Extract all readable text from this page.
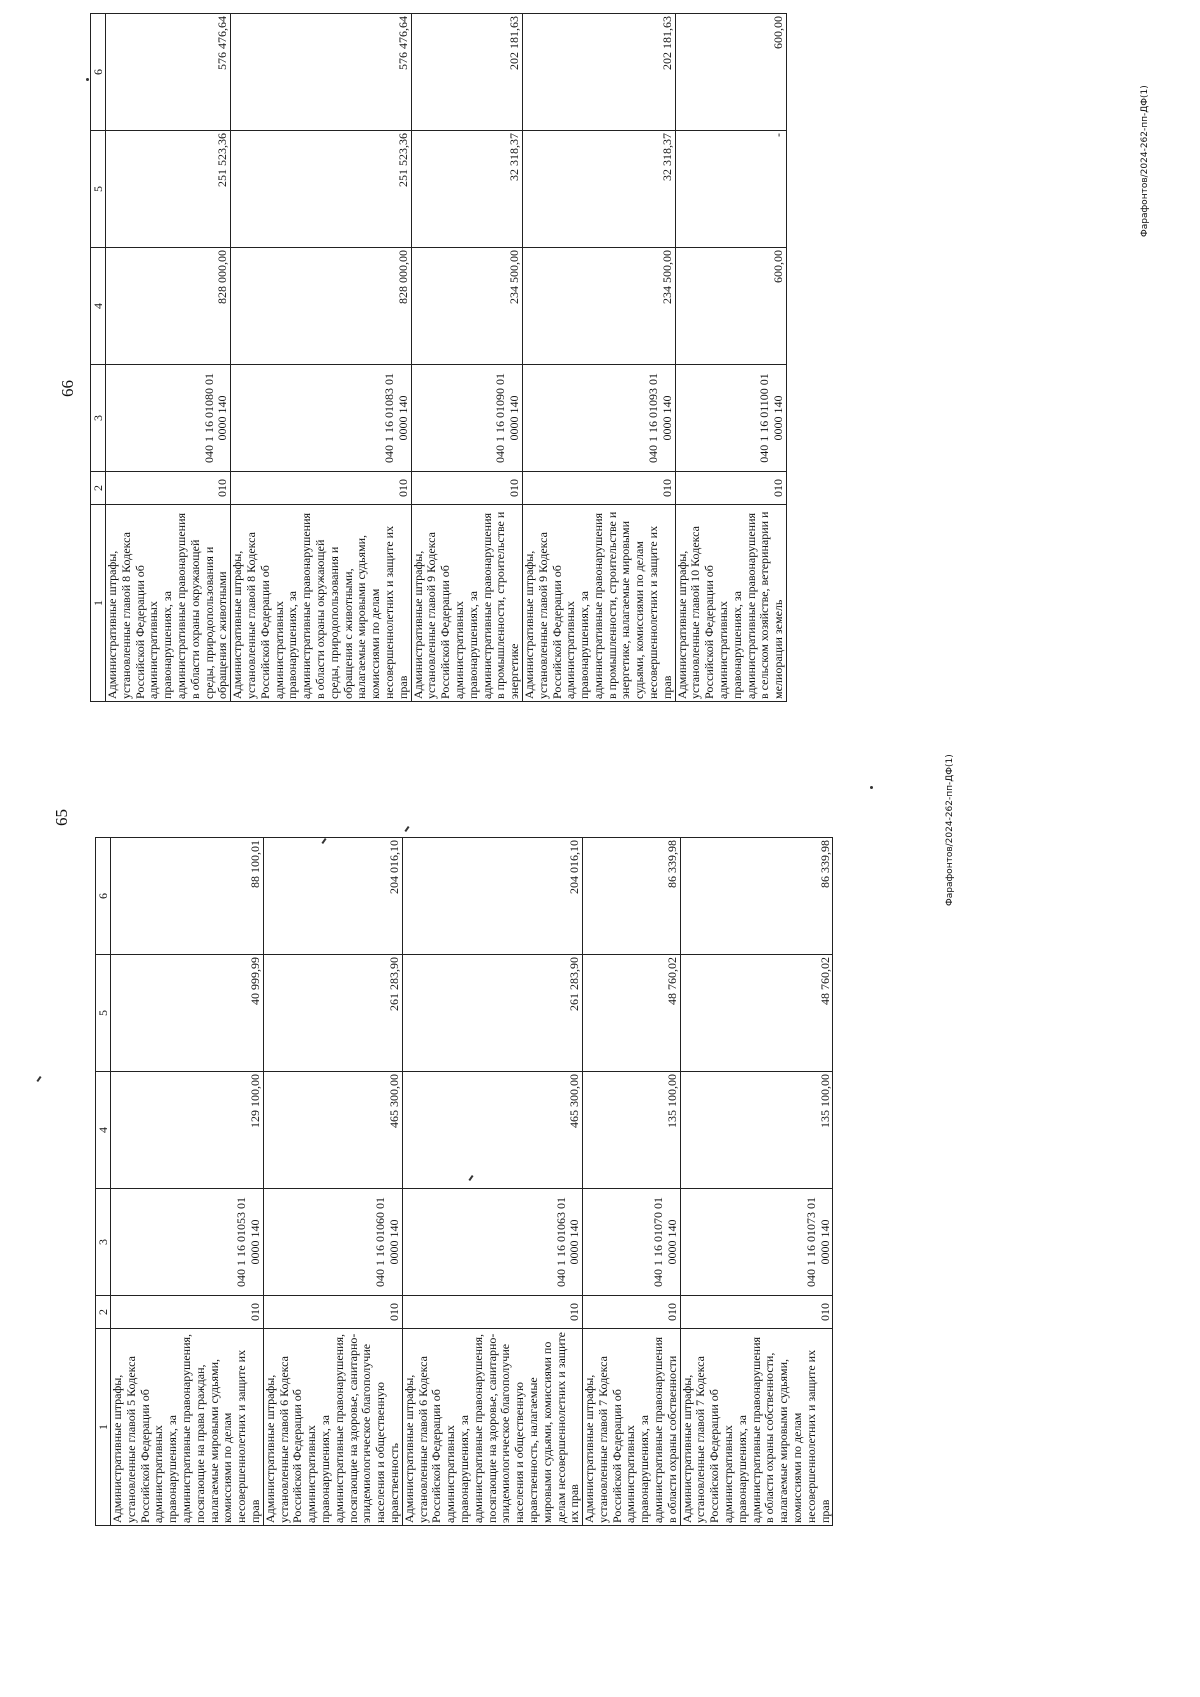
65
1	2	3	4	5	6
Административные штрафы, установленные главой 5 Кодекса Российской Федерации об административных правонарушениях, за административные правонарушения, посягающие на права граждан, налагаемые мировыми судьями, комиссиями по делам несовершеннолетних и защите их прав	010	040 1 16 01053 01 0000 140	129 100,00	40 999,99	88 100,01
Административные штрафы, установленные главой 6 Кодекса Российской Федерации об административных правонарушениях, за административные правонарушения, посягающие на здоровье, санитарно-эпидемиологическое благополучие населения и общественную нравственность	010	040 1 16 01060 01 0000 140	465 300,00	261 283,90	204 016,10
Административные штрафы, установленные главой 6 Кодекса Российской Федерации об административных правонарушениях, за административные правонарушения, посягающие на здоровье, санитарно-эпидемиологическое благополучие населения и общественную нравственность, налагаемые мировыми судьями, комиссиями по делам несовершеннолетних и защите их прав	010	040 1 16 01063 01 0000 140	465 300,00	261 283,90	204 016,10
Административные штрафы, установленные главой 7 Кодекса Российской Федерации об административных правонарушениях, за административные правонарушения в области охраны собственности	010	040 1 16 01070 01 0000 140	135 100,00	48 760,02	86 339,98
Административные штрафы, установленные главой 7 Кодекса Российской Федерации об административных правонарушениях, за административные правонарушения в области охраны собственности, налагаемые мировыми судьями, комиссиями по делам несовершеннолетних и защите их прав	010	040 1 16 01073 01 0000 140	135 100,00	48 760,02	86 339,98	Фарафонтов/2024-262-пп-ДФ(1)
66
1	2	3	4	5	6
Административные штрафы, установленные главой 8 Кодекса Российской Федерации об административных правонарушениях, за административные правонарушения в области охраны окружающей среды, природопользования и обращения с животными	010	040 1 16 01080 01 0000 140	828 000,00	251 523,36	576 476,64
Административные штрафы, установленные главой 8 Кодекса Российской Федерации об административных правонарушениях, за административные правонарушения в области охраны окружающей среды, природопользования и обращения с животными, налагаемые мировыми судьями, комиссиями по делам несовершеннолетних и защите их прав	010	040 1 16 01083 01 0000 140	828 000,00	251 523,36	576 476,64
Административные штрафы, установленные главой 9 Кодекса Российской Федерации об административных правонарушениях, за административные правонарушения в промышленности, строительстве и энергетике	010	040 1 16 01090 01 0000 140	234 500,00	32 318,37	202 181,63
Административные штрафы, установленные главой 9 Кодекса Российской Федерации об административных правонарушениях, за административные правонарушения в промышленности, строительстве и энергетике, налагаемые мировыми судьями, комиссиями по делам несовершеннолетних и защите их прав	010	040 1 16 01093 01 0000 140	234 500,00	32 318,37	202 181,63
Административные штрафы, установленные главой 10 Кодекса Российской Федерации об административных правонарушениях, за административные правонарушения в сельском хозяйстве, ветеринарии и мелиорации земель	010	040 1 16 01100 01 0000 140	600,00	-	600,00
Фарафонтов/2024-262-пп-ДФ(1)
